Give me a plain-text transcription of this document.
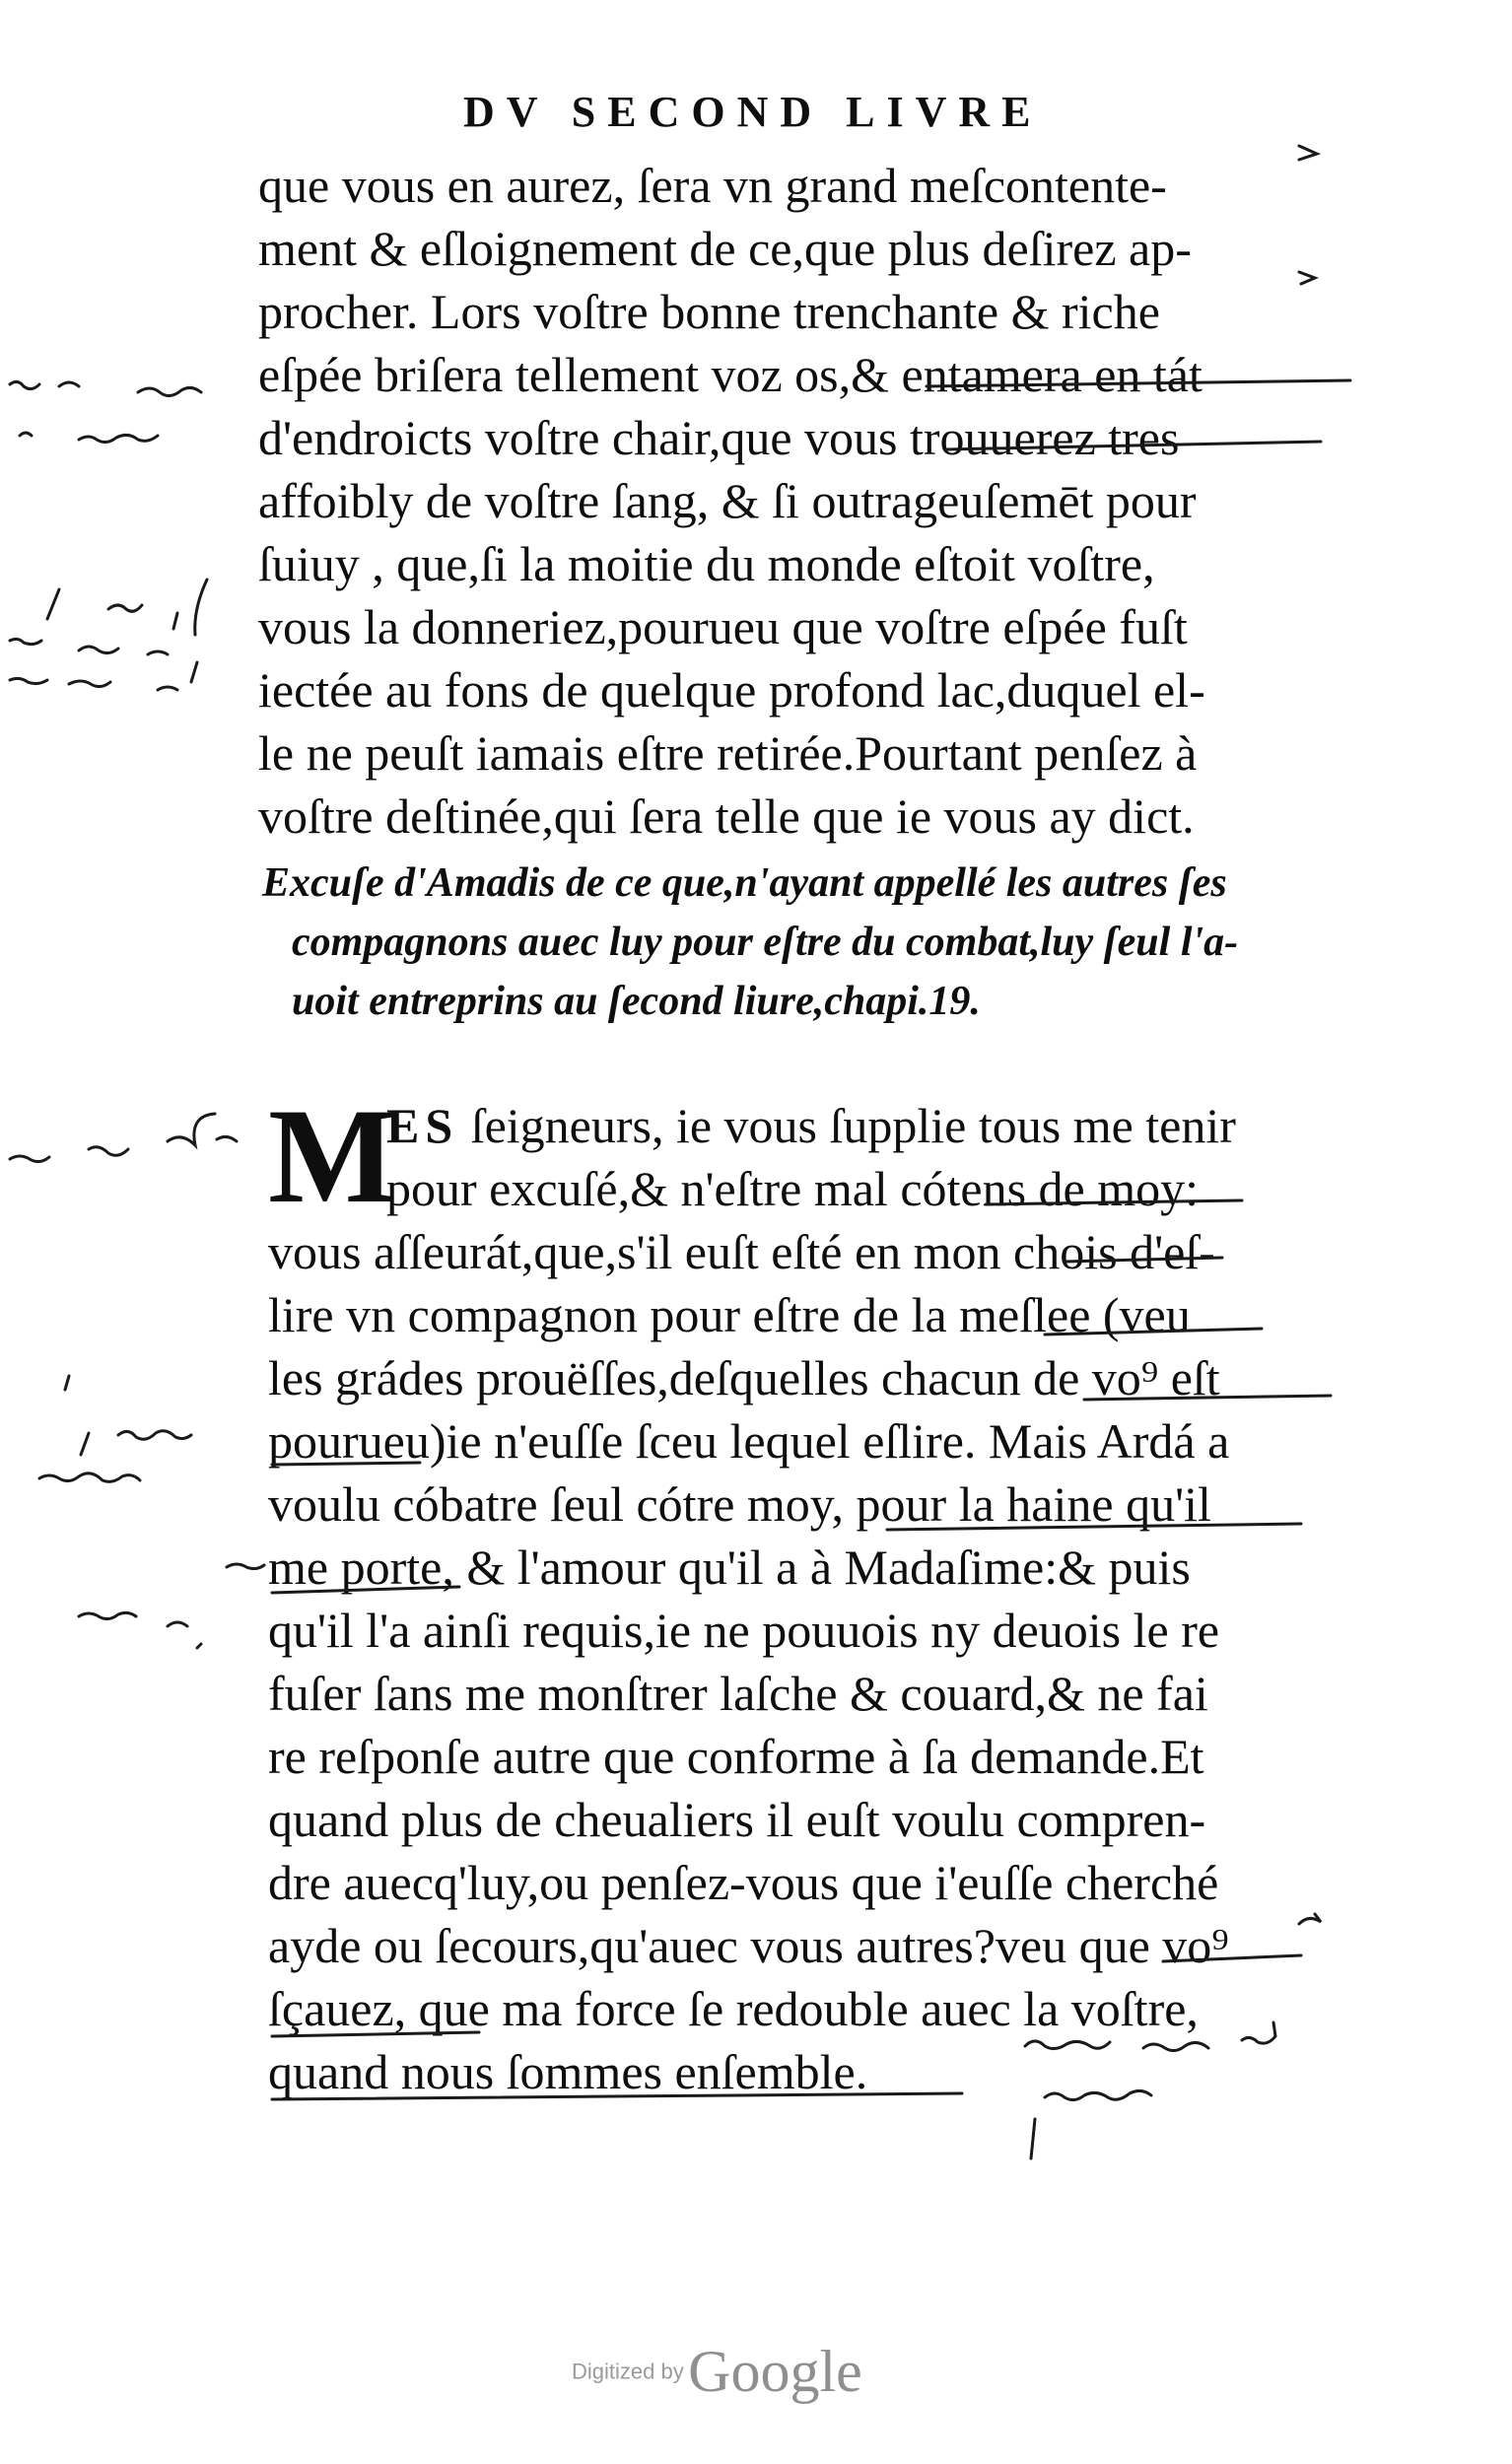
DV SECOND LIVRE
que vous en aurez, ſera vn grand meſcontente-
ment & eſloignement de ce,que plus deſirez ap-
procher. Lors voſtre bonne trenchante & riche
eſpée briſera tellement voz os,& entamera en tát
d'endroicts voſtre chair,que vous trouuerez tres
affoibly de voſtre ſang, & ſi outrageuſemēt pour
ſuiuy , que,ſi la moitie du monde eſtoit voſtre,
vous la donneriez,pourueu que voſtre eſpée fuſt
iectée au fons de quelque profond lac,duquel el-
le ne peuſt iamais eſtre retirée.Pourtant penſez à
voſtre deſtinée,qui ſera telle que ie vous ay dict.
Excuſe d'Amadis de ce que,n'ayant appellé les autres ſes
compagnons auec luy pour eſtre du combat,luy ſeul l'a-
uoit entreprins au ſecond liure,chapi.19.
M
ES ſeigneurs, ie vous ſupplie tous me tenir
pour excuſé,& n'eſtre mal cótens de moy:
vous aſſeurát,que,s'il euſt eſté en mon chois d'eſ-
lire vn compagnon pour eſtre de la meſlee (veu
les grádes prouëſſes,deſquelles chacun de vo⁹ eſt
pourueu)ie n'euſſe ſceu lequel eſlire. Mais Ardá a
voulu cóbatre ſeul cótre moy, pour la haine qu'il
me porte, & l'amour qu'il a à Madaſime:& puis
qu'il l'a ainſi requis,ie ne pouuois ny deuois le re
fuſer ſans me monſtrer laſche & couard,& ne fai
re reſponſe autre que conforme à ſa demande.Et
quand plus de cheualiers il euſt voulu compren-
dre auecq'luy,ou penſez-vous que i'euſſe cherché
ayde ou ſecours,qu'auec vous autres?veu que vo⁹
ſçauez, que ma force ſe redouble auec la voſtre,
quand nous ſommes enſemble.
Digitized by Google
